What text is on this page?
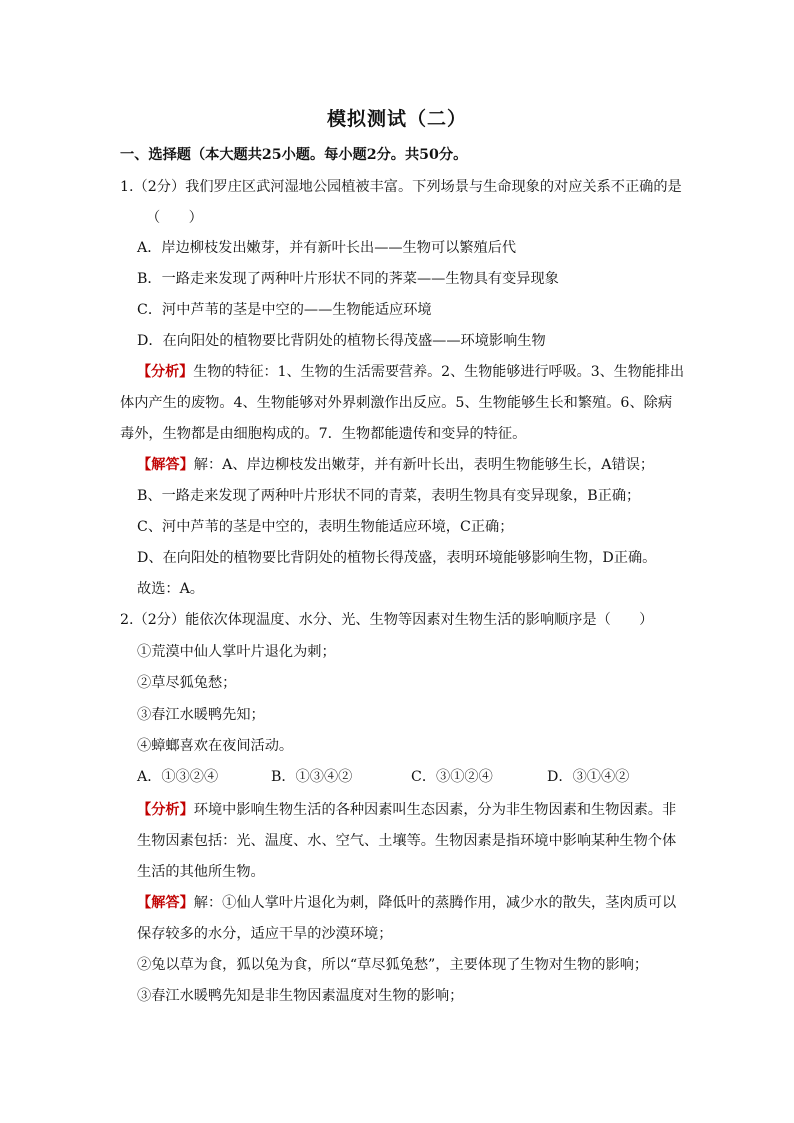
模拟测试（二）
一、选择题（本大题共25小题。每小题2分。共50分。
1.（2分）我们罗庄区武河湿地公园植被丰富。下列场景与生命现象的对应关系不正确的是
（　　）
A．岸边柳枝发出嫩芽，并有新叶长出——生物可以繁殖后代
B．一路走来发现了两种叶片形状不同的荠菜——生物具有变异现象
C．河中芦苇的茎是中空的——生物能适应环境
D．在向阳处的植物要比背阴处的植物长得茂盛——环境影响生物
【分析】生物的特征：1、生物的生活需要营养。2、生物能够进行呼吸。3、生物能排出
体内产生的废物。4、生物能够对外界刺激作出反应。5、生物能够生长和繁殖。6、除病
毒外，生物都是由细胞构成的。7．生物都能遗传和变异的特征。
【解答】解：A、岸边柳枝发出嫩芽，并有新叶长出，表明生物能够生长，A错误；
B、一路走来发现了两种叶片形状不同的青菜，表明生物具有变异现象，B正确；
C、河中芦苇的茎是中空的，表明生物能适应环境，C正确；
D、在向阳处的植物要比背阴处的植物长得茂盛，表明环境能够影响生物，D正确。
故选：A。
2.（2分）能依次体现温度、水分、光、生物等因素对生物生活的影响顺序是（　　）
①荒漠中仙人掌叶片退化为刺；
②草尽狐兔愁；
③春江水暖鸭先知；
④蟑螂喜欢在夜间活动。
A．①③②④	B．①③④②	C．③①②④	D．③①④②
【分析】环境中影响生物生活的各种因素叫生态因素，分为非生物因素和生物因素。非
生物因素包括：光、温度、水、空气、土壤等。生物因素是指环境中影响某种生物个体
生活的其他所生物。
【解答】解：①仙人掌叶片退化为刺，降低叶的蒸腾作用，减少水的散失，茎肉质可以
保存较多的水分，适应干旱的沙漠环境；
②兔以草为食，狐以兔为食，所以“草尽狐兔愁”，主要体现了生物对生物的影响；
③春江水暖鸭先知是非生物因素温度对生物的影响；
